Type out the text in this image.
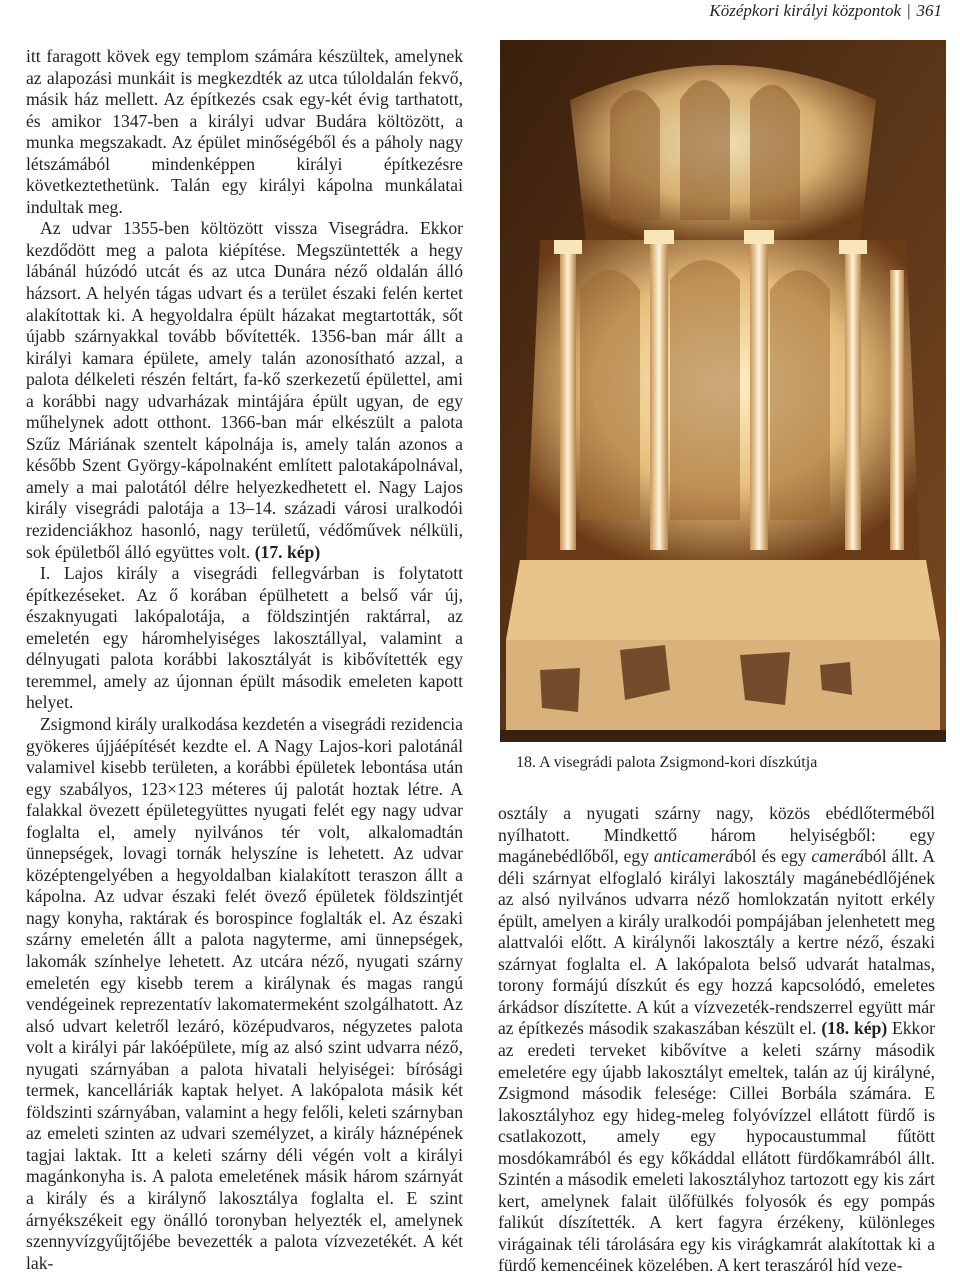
Középkori királyi központok | 361

itt faragott kövek egy templom számára készültek, amelynek az alapozási munkáit is megkezdték az utca túloldalán fekvő, másik ház mellett. Az építkezés csak egy-két évig tarthatott, és amikor 1347-ben a királyi udvar Budára költözött, a munka megszakadt. Az épület minőségéből és a páholy nagy létszámából mindenképpen királyi építkezésre következtethetünk. Talán egy királyi kápolna munkálatai indultak meg.

Az udvar 1355-ben költözött vissza Visegrádra. Ekkor kezdődött meg a palota kiépítése. Megszüntették a hegy lábánál húzódó utcát és az utca Dunára néző oldalán álló házsort. A helyén tágas udvart és a terület északi felén kertet alakítottak ki. A hegyoldalra épült házakat megtartották, sőt újabb szárnyakkal tovább bővítették. 1356-ban már állt a királyi kamara épülete, amely talán azonosítható azzal, a palota délkeleti részén feltárt, fa-kő szerkezetű épülettel, ami a korábbi nagy udvarházak mintájára épült ugyan, de egy műhelynek adott otthont. 1366-ban már elkészült a palota Szűz Máriának szentelt kápolnája is, amely talán azonos a később Szent György-kápolnaként említett palotakápolnával, amely a mai palotától délre helyezkedhetett el. Nagy Lajos király visegrádi palotája a 13–14. századi városi uralkodói rezidenciákhoz hasonló, nagy területű, védőművek nélküli, sok épületből álló együttes volt. (17. kép)

I. Lajos király a visegrádi fellegvárban is folytatott építkezéseket. Az ő korában épülhetett a belső vár új, északnyugati lakópalotája, a földszintjén raktárral, az emeletén egy háromhelyiséges lakosztállyal, valamint a délnyugati palota korábbi lakosztályát is kibővítették egy teremmel, amely az újonnan épült második emeleten kapott helyet.

Zsigmond király uralkodása kezdetén a visegrádi rezidencia gyökeres újjáépítését kezdte el. A Nagy Lajos-kori palotánál valamivel kisebb területen, a korábbi épületek lebontása után egy szabályos, 123×123 méteres új palotát hoztak létre. A falakkal övezett épületegyüttes nyugati felét egy nagy udvar foglalta el, amely nyilvános tér volt, alkalomadtán ünnepségek, lovagi tornák helyszíne is lehetett. Az udvar középtengelyében a hegyoldalban kialakított teraszon állt a kápolna. Az udvar északi felét övező épületek földszintjét nagy konyha, raktárak és borospince foglalták el. Az északi szárny emeletén állt a palota nagyterme, ami ünnepségek, lakomák színhelye lehetett. Az utcára néző, nyugati szárny emeletén egy kisebb terem a királynak és magas rangú vendégeinek reprezentatív lakomatermeként szolgálhatott. Az alsó udvart keletről lezáró, középudvaros, négyzetes palota volt a királyi pár lakóépülete, míg az alsó szint udvarra néző, nyugati szárnyában a palota hivatali helyiségei: bírósági termek, kancelláriák kaptak helyet. A lakópalota másik két földszinti szárnyában, valamint a hegy felőli, keleti szárnyban az emeleti szinten az udvari személyzet, a király háznépének tagjai laktak. Itt a keleti szárny déli végén volt a királyi magánkonyha is. A palota emeletének másik három szárnyát a király és a királynő lakosztálya foglalta el. E szint árnyékszékeit egy önálló toronyban helyezték el, amelynek szennyvízgyűjtőjébe bevezették a palota vízvezetékét. A két lak-

18. A visegrádi palota Zsigmond-kori díszkútja

osztály a nyugati szárny nagy, közös ebédlőterméből nyílhatott. Mindkettő három helyiségből: egy magánebédlőből, egy anticamerából és egy camerából állt. A déli szárnyat elfoglaló királyi lakosztály magánebédlőjének az alsó nyilvános udvarra néző homlokzatán nyitott erkély épült, amelyen a király uralkodói pompájában jelenhetett meg alattvalói előtt. A királynői lakosztály a kertre néző, északi szárnyat foglalta el. A lakópalota belső udvarát hatalmas, torony formájú díszkút és egy hozzá kapcsolódó, emeletes árkádsor díszítette. A kút a vízvezeték-rendszerrel együtt már az építkezés második szakaszában készült el. (18. kép) Ekkor az eredeti terveket kibővítve a keleti szárny második emeletére egy újabb lakosztályt emeltek, talán az új királyné, Zsigmond második felesége: Cillei Borbála számára. E lakosztályhoz egy hideg-meleg folyóvízzel ellátott fürdő is csatlakozott, amely egy hypocaustummal fűtött mosdókamrából és egy kőkáddal ellátott fürdőkamrából állt. Szintén a második emeleti lakosztályhoz tartozott egy kis zárt kert, amelynek falait ülőfülkés folyosók és egy pompás falikút díszítették. A kert fagyra érzékeny, különleges virágainak téli tárolására egy kis virágkamrát alakítottak ki a fürdő kemencéinek közelében. A kert teraszáról híd veze-
